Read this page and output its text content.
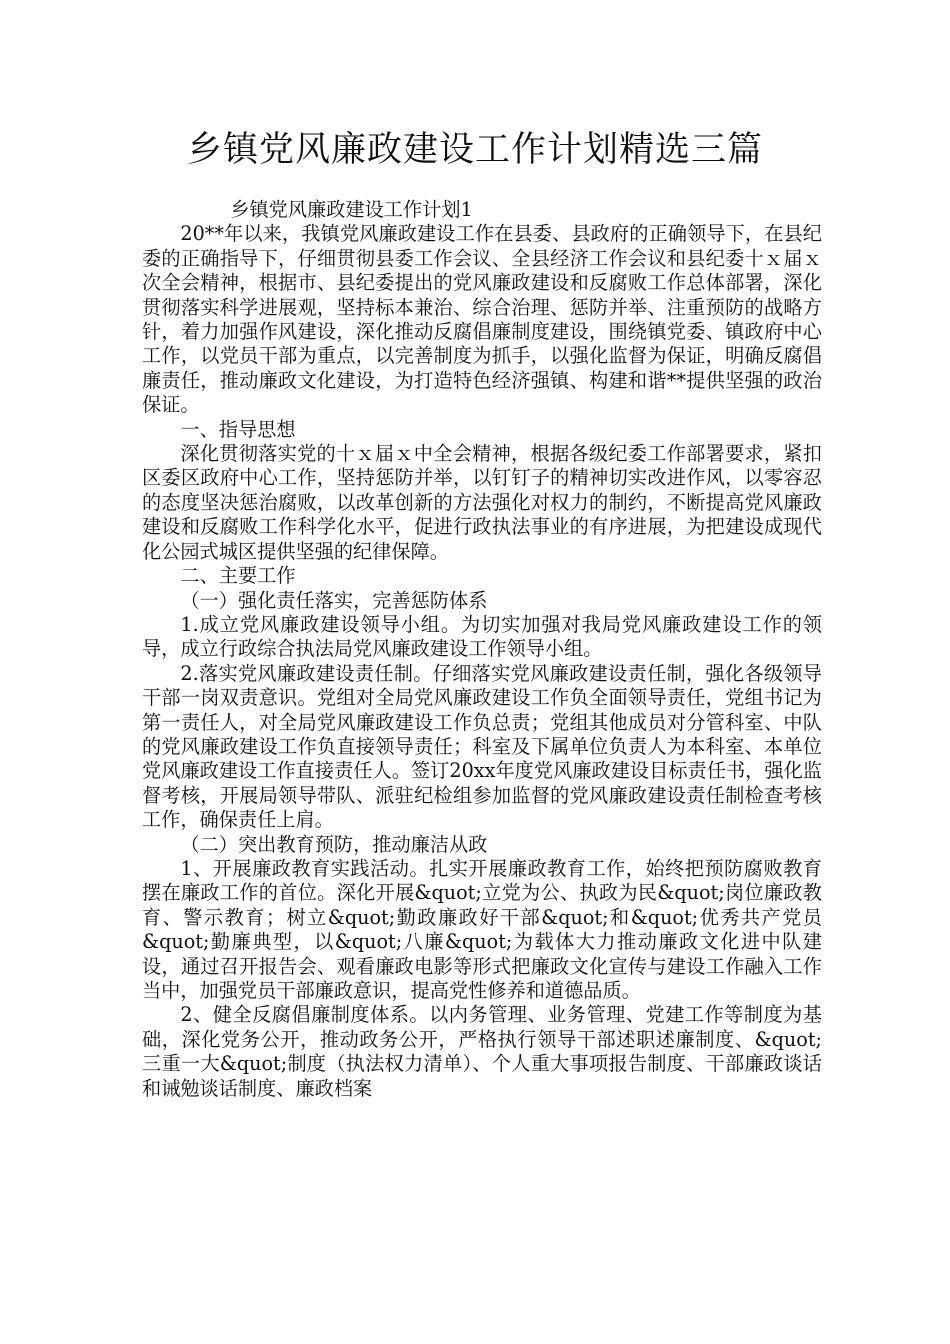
乡镇党风廉政建设工作计划精选三篇

乡镇党风廉政建设工作计划1

20**年以来，我镇党风廉政建设工作在县委、县政府的正确领导下，在县纪委的正确指导下，仔细贯彻县委工作会议、全县经济工作会议和县纪委十ｘ届ｘ次全会精神，根据市、县纪委提出的党风廉政建设和反腐败工作总体部署，深化贯彻落实科学进展观，坚持标本兼治、综合治理、惩防并举、注重预防的战略方针，着力加强作风建设，深化推动反腐倡廉制度建设，围绕镇党委、镇政府中心工作，以党员干部为重点，以完善制度为抓手，以强化监督为保证，明确反腐倡廉责任，推动廉政文化建设，为打造特色经济强镇、构建和谐**提供坚强的政治保证。

一、指导思想

深化贯彻落实党的十ｘ届ｘ中全会精神，根据各级纪委工作部署要求，紧扣区委区政府中心工作，坚持惩防并举，以钉钉子的精神切实改进作风，以零容忍的态度坚决惩治腐败，以改革创新的方法强化对权力的制约，不断提高党风廉政建设和反腐败工作科学化水平，促进行政执法事业的有序进展，为把建设成现代化公园式城区提供坚强的纪律保障。

二、主要工作

（一）强化责任落实，完善惩防体系

1.成立党风廉政建设领导小组。为切实加强对我局党风廉政建设工作的领导，成立行政综合执法局党风廉政建设工作领导小组。

2.落实党风廉政建设责任制。仔细落实党风廉政建设责任制，强化各级领导干部一岗双责意识。党组对全局党风廉政建设工作负全面领导责任，党组书记为第一责任人，对全局党风廉政建设工作负总责；党组其他成员对分管科室、中队的党风廉政建设工作负直接领导责任；科室及下属单位负责人为本科室、本单位党风廉政建设工作直接责任人。签订20xx年度党风廉政建设目标责任书，强化监督考核，开展局领导带队、派驻纪检组参加监督的党风廉政建设责任制检查考核工作，确保责任上肩。

（二）突出教育预防，推动廉洁从政

1、开展廉政教育实践活动。扎实开展廉政教育工作，始终把预防腐败教育摆在廉政工作的首位。深化开展&quot;立党为公、执政为民&quot;岗位廉政教育、警示教育；树立&quot;勤政廉政好干部&quot;和&quot;优秀共产党员&quot;勤廉典型，以&quot;八廉&quot;为载体大力推动廉政文化进中队建设，通过召开报告会、观看廉政电影等形式把廉政文化宣传与建设工作融入工作当中，加强党员干部廉政意识，提高党性修养和道德品质。

2、健全反腐倡廉制度体系。以内务管理、业务管理、党建工作等制度为基础，深化党务公开，推动政务公开，严格执行领导干部述职述廉制度、&quot;三重一大&quot;制度（执法权力清单）、个人重大事项报告制度、干部廉政谈话和诫勉谈话制度、廉政档案
